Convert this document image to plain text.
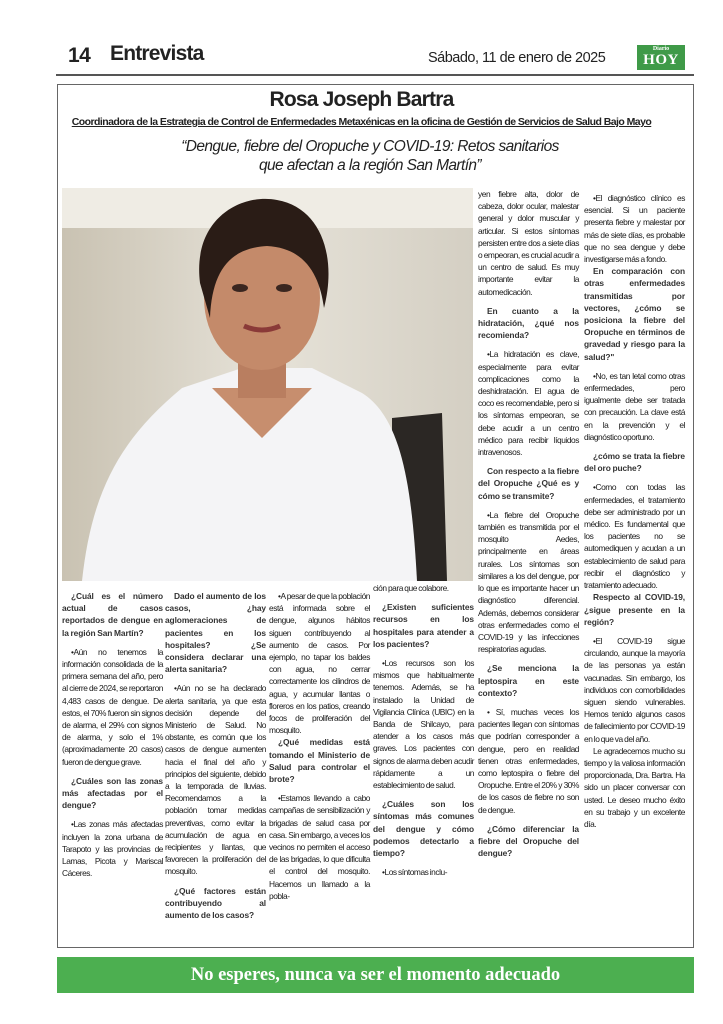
14 Entrevista	Sábado, 11 de enero de 2025
Diario
HOY
Rosa Joseph Bartra
Coordinadora de la Estrategia de Control de Enfermedades Metaxénicas en la oficina de Gestión de Servicios de Salud Bajo Mayo
“Dengue, fiebre del Oropuche y COVID-19: Retos sanitarios que afectan a la región San Martín”

¿Cuál es el número actual de casos reportados de dengue en la región San Martín?

•Aún no tenemos la información consolidada de la primera semana del año, pero al cierre de 2024, se reportaron 4,483 casos de dengue. De estos, el 70% fueron sin signos de alarma, el 29% con signos de alarma, y solo el 1% (aproximadamente 20 casos) fueron de dengue grave.

¿Cuáles son las zonas más afectadas por el dengue?

•Las zonas más afectadas incluyen la zona urbana de Tarapoto y las provincias de Lamas, Picota y Mariscal Cáceres.

Dado el aumento de los casos, ¿hay aglomeraciones de pacientes en los hospitales? ¿Se considera declarar una alerta sanitaria?

•Aún no se ha declarado alerta sanitaria, ya que esta decisión depende del Ministerio de Salud. No obstante, es común que los casos de dengue aumenten hacia el final del año y principios del siguiente, debido a la temporada de lluvias. Recomendamos a la población tomar medidas preventivas, como evitar la acumulación de agua en recipientes y llantas, que favorecen la proliferación del mosquito.

¿Qué factores están contribuyendo al aumento de los casos?

•A pesar de que la población está informada sobre el dengue, algunos hábitos siguen contribuyendo al aumento de casos. Por ejemplo, no tapar los baldes con agua, no cerrar correctamente los cilindros de agua, y acumular llantas o floreros en los patios, creando focos de proliferación del mosquito.

¿Qué medidas está tomando el Ministerio de Salud para controlar el brote?

•Estamos llevando a cabo campañas de sensibilización y brigadas de salud casa por casa. Sin embargo, a veces los vecinos no permiten el acceso de las brigadas, lo que dificulta el control del mosquito. Hacemos un llamado a la pobla-

ción para que colabore.

¿Existen suficientes recursos en los hospitales para atender a los pacientes?

•Los recursos son los mismos que habitualmente tenemos. Además, se ha instalado la Unidad de Vigilancia Clínica (UBIC) en la Banda de Shilcayo, para atender a los casos más graves. Los pacientes con signos de alarma deben acudir rápidamente a un establecimiento de salud.

¿Cuáles son los síntomas más comunes del dengue y cómo podemos detectarlo a tiempo?

•Los síntomas inclu-

yen fiebre alta, dolor de cabeza, dolor ocular, malestar general y dolor muscular y articular. Si estos síntomas persisten entre dos a siete días o empeoran, es crucial acudir a un centro de salud. Es muy importante evitar la automedicación.

En cuanto a la hidratación, ¿qué nos recomienda?

•La hidratación es clave, especialmente para evitar complicaciones como la deshidratación. El agua de coco es recomendable, pero si los síntomas empeoran, se debe acudir a un centro médico para recibir líquidos intravenosos.

Con respecto a la fiebre del Oropuche ¿Qué es y cómo se transmite?

•La fiebre del Oropuche también es transmitida por el mosquito Aedes, principalmente en áreas rurales. Los síntomas son similares a los del dengue, por lo que es importante hacer un diagnóstico diferencial. Además, debemos considerar otras enfermedades como el COVID-19 y las infecciones respiratorias agudas.

¿Se menciona la leptospira en este contexto?

• Sí, muchas veces los pacientes llegan con síntomas que podrían corresponder a dengue, pero en realidad tienen otras enfermedades, como leptospira o fiebre del Oropuche. Entre el 20% y 30% de los casos de fiebre no son de dengue.

¿Cómo diferenciar la fiebre del Oropuche del dengue?

•El diagnóstico clínico es esencial. Si un paciente presenta fiebre y malestar por más de siete días, es probable que no sea dengue y debe investigarse más a fondo.

En comparación con otras enfermedades transmitidas por vectores, ¿cómo se posiciona la fiebre del Oropuche en términos de gravedad y riesgo para la salud?"

•No, es tan letal como otras enfermedades, pero igualmente debe ser tratada con precaución. La clave está en la prevención y el diagnóstico oportuno.

¿cómo se trata la fiebre del oro puche?

•Como con todas las enfermedades, el tratamiento debe ser administrado por un médico. Es fundamental que los pacientes no se automediquen y acudan a un establecimiento de salud para recibir el diagnóstico y tratamiento adecuado.

Respecto al COVID-19, ¿sigue presente en la región?

•El COVID-19 sigue circulando, aunque la mayoría de las personas ya están vacunadas. Sin embargo, los individuos con comorbilidades siguen siendo vulnerables. Hemos tenido algunos casos de fallecimiento por COVID-19 en lo que va del año.

Le agradecemos mucho su tiempo y la valiosa información proporcionada, Dra. Bartra. Ha sido un placer conversar con usted. Le deseo mucho éxito en su trabajo y un excelente día.

No esperes, nunca va ser el momento adecuado
